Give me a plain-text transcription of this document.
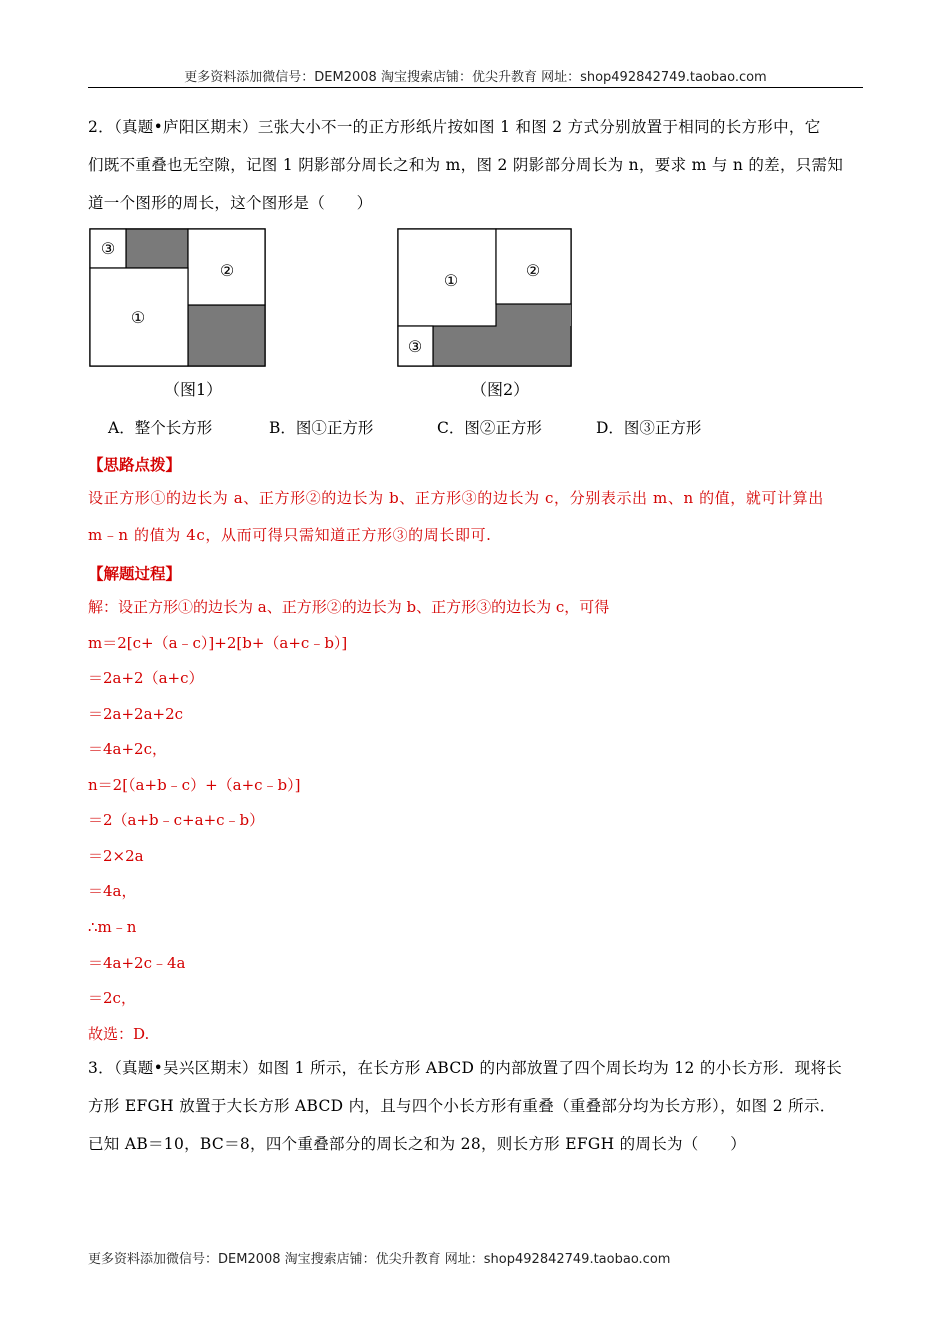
更多资料添加微信号：DEM2008 淘宝搜索店铺：优尖升教育 网址：shop492842749.taobao.com
2．（真题•庐阳区期末）三张大小不一的正方形纸片按如图 1 和图 2 方式分别放置于相同的长方形中，它
们既不重叠也无空隙，记图 1 阴影部分周长之和为 m，图 2 阴影部分周长为 n，要求 m 与 n 的差，只需知
道一个图形的周长，这个图形是（　　）
③
②
①
（图1）
①
②
③
（图2）
A．整个长方形	B．图①正方形	C．图②正方形	D．图③正方形
【思路点拨】
设正方形①的边长为 a、正方形②的边长为 b、正方形③的边长为 c，分别表示出 m、n 的值，就可计算出
m﹣n 的值为 4c，从而可得只需知道正方形③的周长即可.
【解题过程】
解：设正方形①的边长为 a、正方形②的边长为 b、正方形③的边长为 c，可得
m＝2[c+（a﹣c）]+2[b+（a+c﹣b）]
＝2a+2（a+c）
＝2a+2a+2c
＝4a+2c，
n＝2[（a+b﹣c）+（a+c﹣b）]
＝2（a+b﹣c+a+c﹣b）
＝2×2a
＝4a，
∴m﹣n
＝4a+2c﹣4a
＝2c，
故选：D.
3．（真题•吴兴区期末）如图 1 所示，在长方形 ABCD 的内部放置了四个周长均为 12 的小长方形．现将长
方形 EFGH 放置于大长方形 ABCD 内，且与四个小长方形有重叠（重叠部分均为长方形），如图 2 所示．
已知 AB＝10，BC＝8，四个重叠部分的周长之和为 28，则长方形 EFGH 的周长为（　　）
更多资料添加微信号：DEM2008 淘宝搜索店铺：优尖升教育 网址：shop492842749.taobao.com
